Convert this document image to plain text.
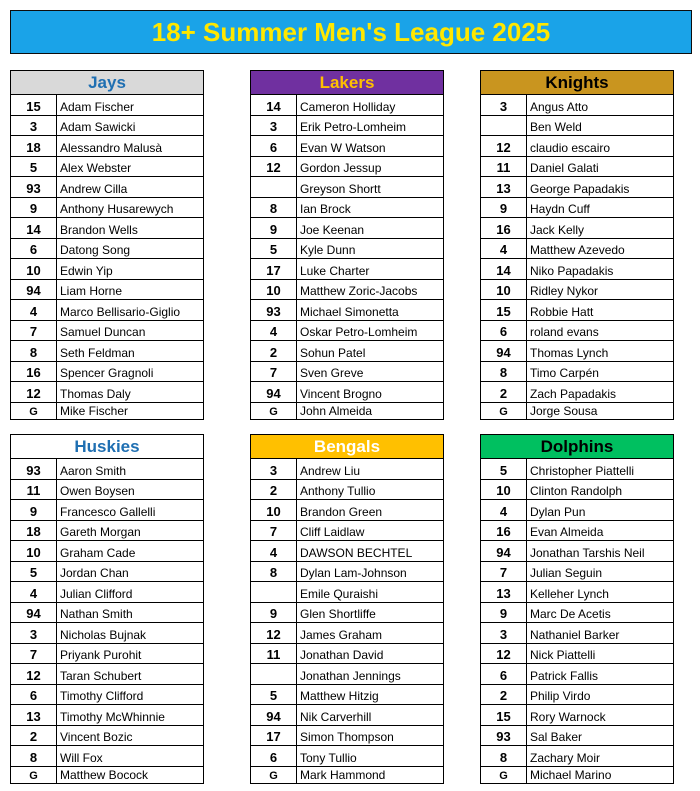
18+ Summer Men's League 2025
Jays
15	Adam Fischer
3	Adam Sawicki
18	Alessandro Malusà
5	Alex Webster
93	Andrew Cilla
9	Anthony Husarewych
14	Brandon Wells
6	Datong Song
10	Edwin Yip
94	Liam Horne
4	Marco Bellisario-Giglio
7	Samuel Duncan
8	Seth Feldman
16	Spencer Gragnoli
12	Thomas Daly
G	Mike Fischer
Lakers
14	Cameron Holliday
3	Erik Petro-Lomheim
6	Evan W Watson
12	Gordon Jessup
Greyson Shortt
8	Ian Brock
9	Joe Keenan
5	Kyle Dunn
17	Luke Charter
10	Matthew Zoric-Jacobs
93	Michael Simonetta
4	Oskar Petro-Lomheim
2	Sohun Patel
7	Sven Greve
94	Vincent Brogno
G	John Almeida
Knights
3	Angus Atto
Ben Weld
12	claudio escairo
11	Daniel Galati
13	George Papadakis
9	Haydn Cuff
16	Jack Kelly
4	Matthew Azevedo
14	Niko Papadakis
10	Ridley Nykor
15	Robbie Hatt
6	roland evans
94	Thomas Lynch
8	Timo Carpén
2	Zach Papadakis
G	Jorge Sousa
Huskies
93	Aaron Smith
11	Owen Boysen
9	Francesco Gallelli
18	Gareth Morgan
10	Graham Cade
5	Jordan Chan
4	Julian Clifford
94	Nathan Smith
3	Nicholas Bujnak
7	Priyank Purohit
12	Taran Schubert
6	Timothy Clifford
13	Timothy McWhinnie
2	Vincent Bozic
8	Will Fox
G	Matthew Bocock
Bengals
3	Andrew Liu
2	Anthony Tullio
10	Brandon Green
7	Cliff Laidlaw
4	DAWSON BECHTEL
8	Dylan Lam-Johnson
Emile Quraishi
9	Glen Shortliffe
12	James Graham
11	Jonathan David
Jonathan Jennings
5	Matthew Hitzig
94	Nik Carverhill
17	Simon Thompson
6	Tony Tullio
G	Mark Hammond
Dolphins
5	Christopher Piattelli
10	Clinton Randolph
4	Dylan Pun
16	Evan Almeida
94	Jonathan Tarshis Neil
7	Julian Seguin
13	Kelleher Lynch
9	Marc De Acetis
3	Nathaniel Barker
12	Nick Piattelli
6	Patrick Fallis
2	Philip Virdo
15	Rory Warnock
93	Sal Baker
8	Zachary Moir
G	Michael Marino
